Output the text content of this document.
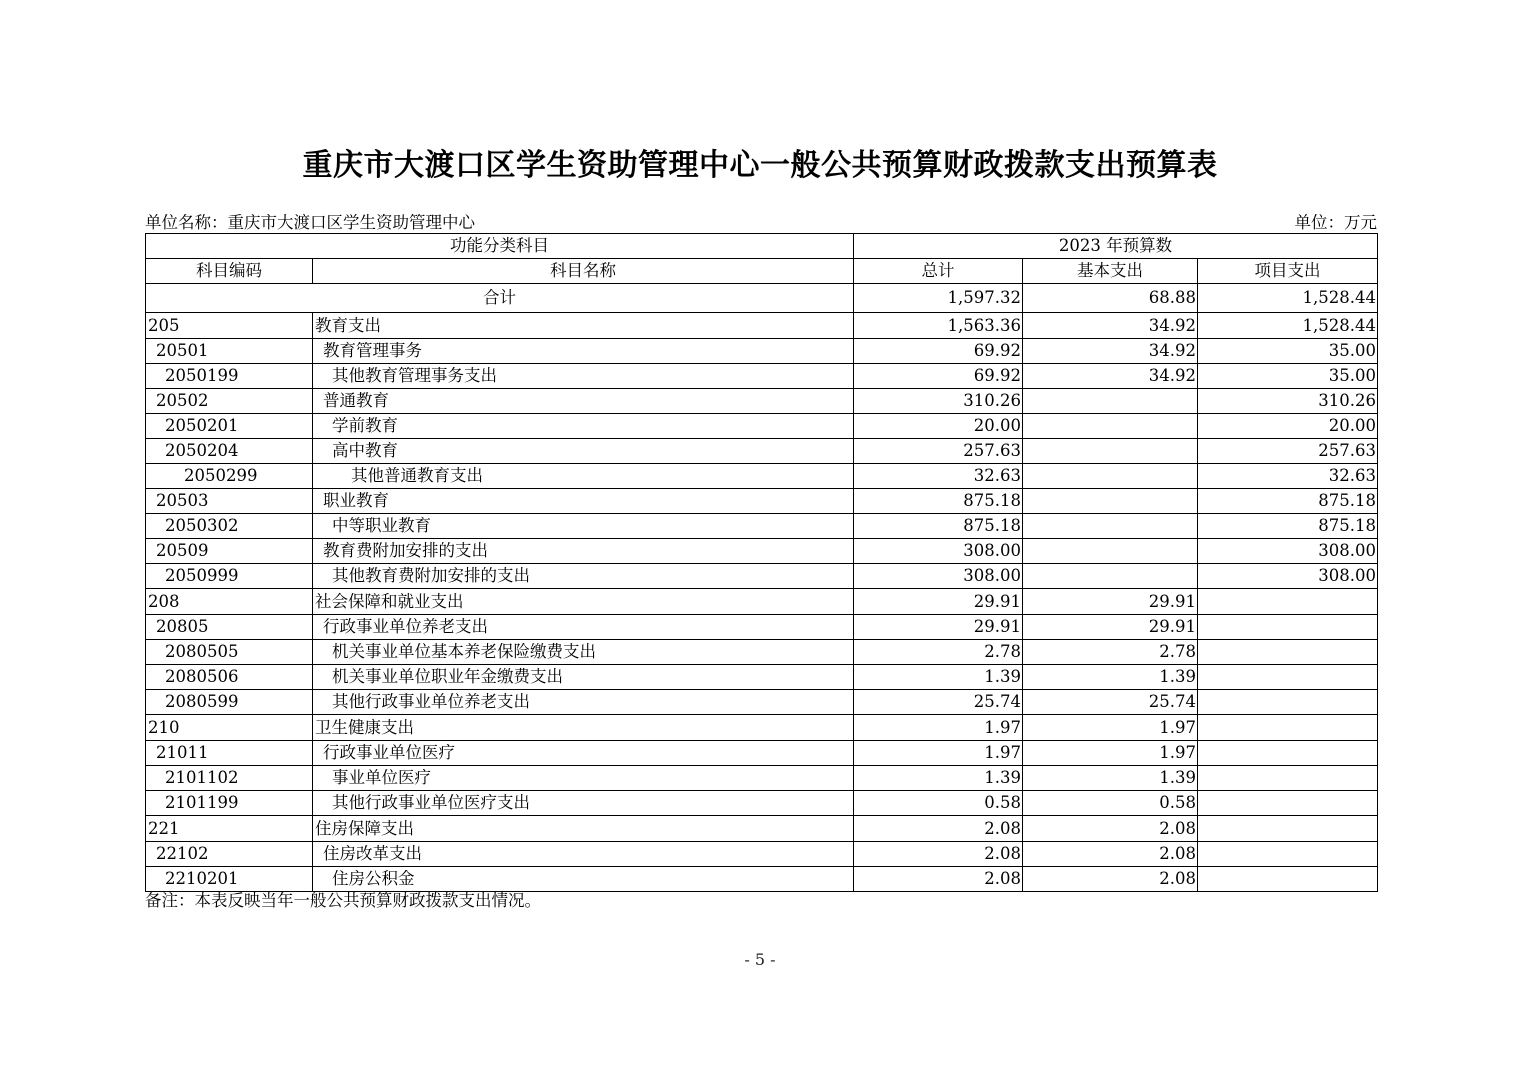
重庆市大渡口区学生资助管理中心一般公共预算财政拨款支出预算表
单位名称：重庆市大渡口区学生资助管理中心	单位：万元
功能分类科目		2023 年预算数		
科目编码	科目名称	总计	基本支出	项目支出
合计		1,597.32	68.88	1,528.44
205	教育支出	1,563.36	34.92	1,528.44
20501	教育管理事务	69.92	34.92	35.00
2050199	其他教育管理事务支出	69.92	34.92	35.00
20502	普通教育	310.26		310.26
2050201	学前教育	20.00		20.00
2050204	高中教育	257.63		257.63
2050299	其他普通教育支出	32.63		32.63
20503	职业教育	875.18		875.18
2050302	中等职业教育	875.18		875.18
20509	教育费附加安排的支出	308.00		308.00
2050999	其他教育费附加安排的支出	308.00		308.00
208	社会保障和就业支出	29.91	29.91	
20805	行政事业单位养老支出	29.91	29.91	
2080505	机关事业单位基本养老保险缴费支出	2.78	2.78	
2080506	机关事业单位职业年金缴费支出	1.39	1.39	
2080599	其他行政事业单位养老支出	25.74	25.74	
210	卫生健康支出	1.97	1.97	
21011	行政事业单位医疗	1.97	1.97	
2101102	事业单位医疗	1.39	1.39	
2101199	其他行政事业单位医疗支出	0.58	0.58	
221	住房保障支出	2.08	2.08	
22102	住房改革支出	2.08	2.08	
2210201	住房公积金	2.08	2.08	
备注：本表反映当年一般公共预算财政拨款支出情况。
- 5 -
